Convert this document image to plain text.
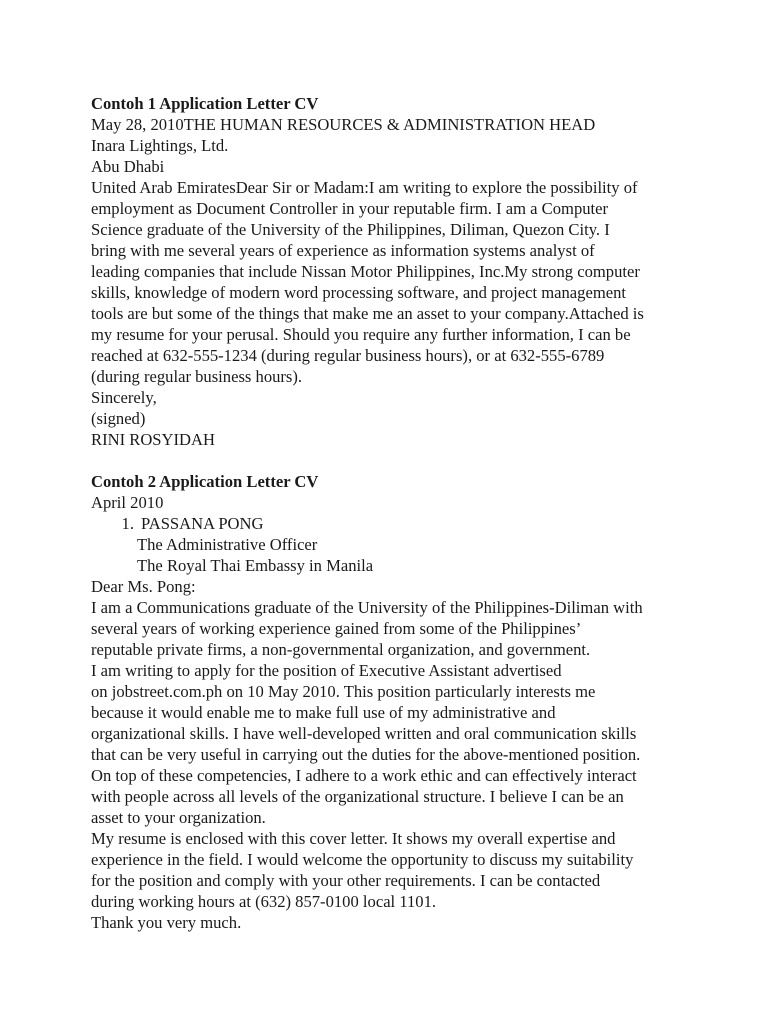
Contoh 1 Application Letter CV
May 28, 2010THE HUMAN RESOURCES & ADMINISTRATION HEAD
Inara Lightings, Ltd.
Abu Dhabi
United Arab EmiratesDear Sir or Madam:I am writing to explore the possibility of
employment as Document Controller in your reputable firm. I am a Computer
Science graduate of the University of the Philippines, Diliman, Quezon City. I
bring with me several years of experience as information systems analyst of
leading companies that include Nissan Motor Philippines, Inc.My strong computer
skills, knowledge of modern word processing software, and project management
tools are but some of the things that make me an asset to your company.Attached is
my resume for your perusal. Should you require any further information, I can be
reached at 632-555-1234 (during regular business hours), or at 632-555-6789
(during regular business hours).
Sincerely,
(signed)
RINI ROSYIDAH
Contoh 2 Application Letter CV
April 2010
1. PASSANA PONG
The Administrative Officer
The Royal Thai Embassy in Manila
Dear Ms. Pong:
I am a Communications graduate of the University of the Philippines-Diliman with
several years of working experience gained from some of the Philippines’
reputable private firms, a non-governmental organization, and government.
I am writing to apply for the position of Executive Assistant advertised
on jobstreet.com.ph on 10 May 2010. This position particularly interests me
because it would enable me to make full use of my administrative and
organizational skills. I have well-developed written and oral communication skills
that can be very useful in carrying out the duties for the above-mentioned position.
On top of these competencies, I adhere to a work ethic and can effectively interact
with people across all levels of the organizational structure. I believe I can be an
asset to your organization.
My resume is enclosed with this cover letter. It shows my overall expertise and
experience in the field. I would welcome the opportunity to discuss my suitability
for the position and comply with your other requirements. I can be contacted
during working hours at (632) 857-0100 local 1101.
Thank you very much.
